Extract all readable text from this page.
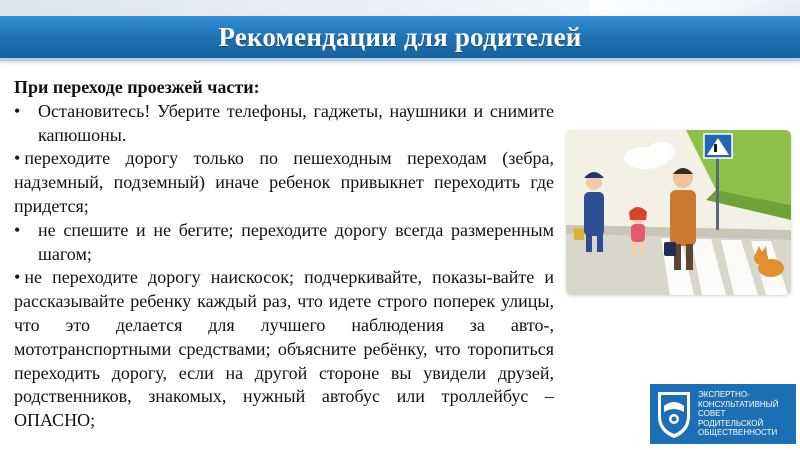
Рекомендации для родителей
При переходе проезжей части:
• Остановитесь! Уберите телефоны, гаджеты, наушники и снимите капюшоны.
• переходите дорогу только по пешеходным переходам (зебра, надземный, подземный) иначе ребенок привыкнет переходить где придется;
• не спешите и не бегите; переходите дорогу всегда размеренным шагом;
• не переходите дорогу наискосок; подчеркивайте, показы-вайте и рассказывайте ребенку каждый раз, что идете строго поперек улицы, что это делается для лучшего наблюдения за авто-, мототранспортными средствами; объясните ребёнку, что торопиться переходить дорогу, если на другой стороне вы увидели друзей, родственников, знакомых, нужный автобус или троллейбус – ОПАСНО;
ЭКСПЕРТНО-
КОНСУЛЬТАТИВНЫЙ
СОВЕТ
РОДИТЕЛЬСКОЙ
ОБЩЕСТВЕННОСТИ
